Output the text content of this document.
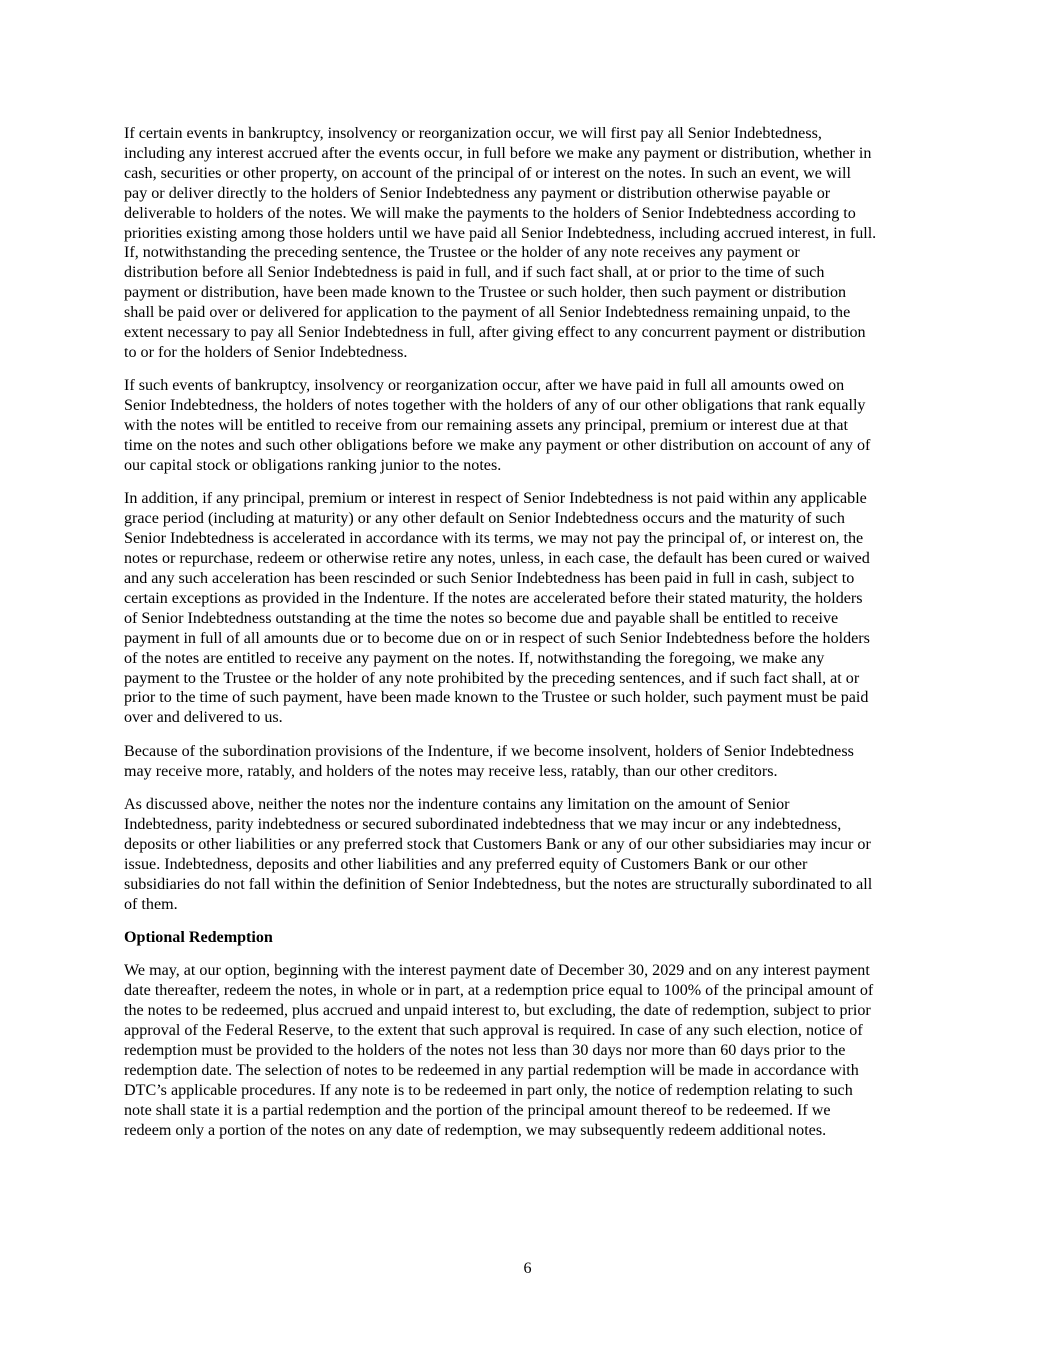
If certain events in bankruptcy, insolvency or reorganization occur, we will first pay all Senior Indebtedness,
including any interest accrued after the events occur, in full before we make any payment or distribution, whether in
cash, securities or other property, on account of the principal of or interest on the notes. In such an event, we will
pay or deliver directly to the holders of Senior Indebtedness any payment or distribution otherwise payable or
deliverable to holders of the notes. We will make the payments to the holders of Senior Indebtedness according to
priorities existing among those holders until we have paid all Senior Indebtedness, including accrued interest, in full.
If, notwithstanding the preceding sentence, the Trustee or the holder of any note receives any payment or
distribution before all Senior Indebtedness is paid in full, and if such fact shall, at or prior to the time of such
payment or distribution, have been made known to the Trustee or such holder, then such payment or distribution
shall be paid over or delivered for application to the payment of all Senior Indebtedness remaining unpaid, to the
extent necessary to pay all Senior Indebtedness in full, after giving effect to any concurrent payment or distribution
to or for the holders of Senior Indebtedness.

If such events of bankruptcy, insolvency or reorganization occur, after we have paid in full all amounts owed on
Senior Indebtedness, the holders of notes together with the holders of any of our other obligations that rank equally
with the notes will be entitled to receive from our remaining assets any principal, premium or interest due at that
time on the notes and such other obligations before we make any payment or other distribution on account of any of
our capital stock or obligations ranking junior to the notes.

In addition, if any principal, premium or interest in respect of Senior Indebtedness is not paid within any applicable
grace period (including at maturity) or any other default on Senior Indebtedness occurs and the maturity of such
Senior Indebtedness is accelerated in accordance with its terms, we may not pay the principal of, or interest on, the
notes or repurchase, redeem or otherwise retire any notes, unless, in each case, the default has been cured or waived
and any such acceleration has been rescinded or such Senior Indebtedness has been paid in full in cash, subject to
certain exceptions as provided in the Indenture. If the notes are accelerated before their stated maturity, the holders
of Senior Indebtedness outstanding at the time the notes so become due and payable shall be entitled to receive
payment in full of all amounts due or to become due on or in respect of such Senior Indebtedness before the holders
of the notes are entitled to receive any payment on the notes. If, notwithstanding the foregoing, we make any
payment to the Trustee or the holder of any note prohibited by the preceding sentences, and if such fact shall, at or
prior to the time of such payment, have been made known to the Trustee or such holder, such payment must be paid
over and delivered to us.

Because of the subordination provisions of the Indenture, if we become insolvent, holders of Senior Indebtedness
may receive more, ratably, and holders of the notes may receive less, ratably, than our other creditors.

As discussed above, neither the notes nor the indenture contains any limitation on the amount of Senior
Indebtedness, parity indebtedness or secured subordinated indebtedness that we may incur or any indebtedness,
deposits or other liabilities or any preferred stock that Customers Bank or any of our other subsidiaries may incur or
issue. Indebtedness, deposits and other liabilities and any preferred equity of Customers Bank or our other
subsidiaries do not fall within the definition of Senior Indebtedness, but the notes are structurally subordinated to all
of them.

Optional Redemption

We may, at our option, beginning with the interest payment date of December 30, 2029 and on any interest payment
date thereafter, redeem the notes, in whole or in part, at a redemption price equal to 100% of the principal amount of
the notes to be redeemed, plus accrued and unpaid interest to, but excluding, the date of redemption, subject to prior
approval of the Federal Reserve, to the extent that such approval is required. In case of any such election, notice of
redemption must be provided to the holders of the notes not less than 30 days nor more than 60 days prior to the
redemption date. The selection of notes to be redeemed in any partial redemption will be made in accordance with
DTC’s applicable procedures. If any note is to be redeemed in part only, the notice of redemption relating to such
note shall state it is a partial redemption and the portion of the principal amount thereof to be redeemed. If we
redeem only a portion of the notes on any date of redemption, we may subsequently redeem additional notes.

6
